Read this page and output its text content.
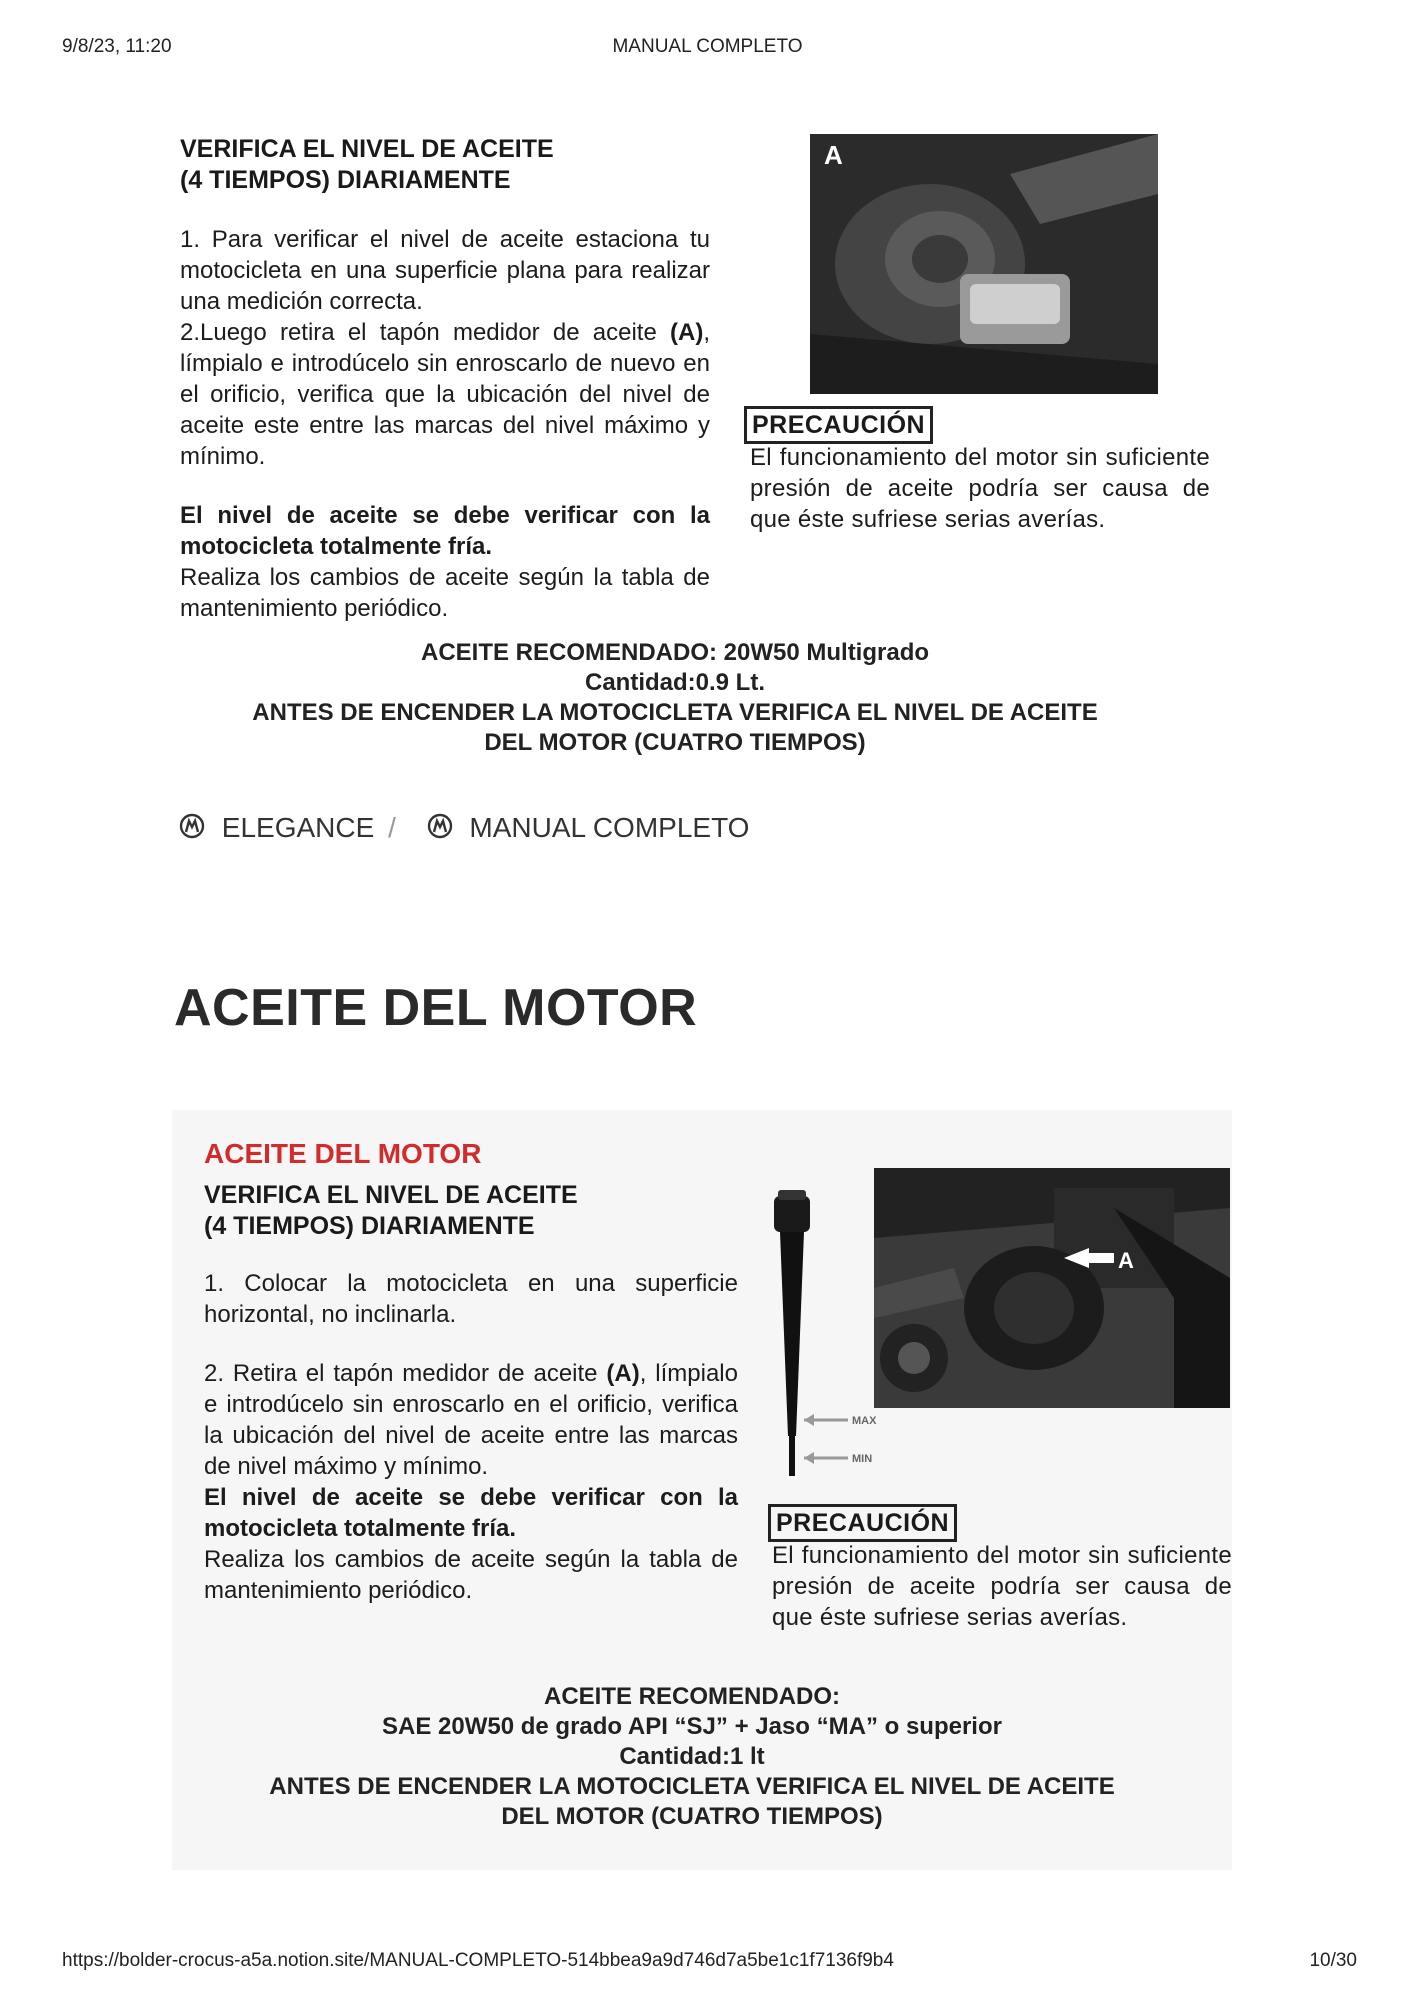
9/8/23, 11:20	MANUAL COMPLETO
VERIFICA EL NIVEL DE ACEITE
(4 TIEMPOS) DIARIAMENTE
1. Para verificar el nivel de aceite estaciona tu motocicleta en una superficie plana para realizar una medición correcta.
2.Luego retira el tapón medidor de aceite (A), límpialo e introdúcelo sin enroscarlo de nuevo en el orificio, verifica que la ubicación del nivel de aceite este entre las marcas del nivel máximo y mínimo.
El nivel de aceite se debe verificar con la motocicleta totalmente fría.
Realiza los cambios de aceite según la tabla de mantenimiento periódico.
A
PRECAUCIÓN
El funcionamiento del motor sin suficiente presión de aceite podría ser causa de que éste sufriese serias averías.
ACEITE RECOMENDADO: 20W50 Multigrado
Cantidad:0.9 Lt.
ANTES DE ENCENDER LA MOTOCICLETA VERIFICA EL NIVEL DE ACEITE
DEL MOTOR (CUATRO TIEMPOS)
ELEGANCE /	MANUAL COMPLETO
ACEITE DEL MOTOR
ACEITE DEL MOTOR
VERIFICA EL NIVEL DE ACEITE
(4 TIEMPOS) DIARIAMENTE
1. Colocar la motocicleta en una superficie horizontal, no inclinarla.
2. Retira el tapón medidor de aceite (A), límpialo e introdúcelo sin enroscarlo en el orificio, verifica la ubicación del nivel de aceite entre las marcas de nivel máximo y mínimo.
El nivel de aceite se debe verificar con la motocicleta totalmente fría.
Realiza los cambios de aceite según la tabla de mantenimiento periódico.
MAX
MIN
A
PRECAUCIÓN
El funcionamiento del motor sin suficiente presión de aceite podría ser causa de que éste sufriese serias averías.
ACEITE RECOMENDADO:
SAE 20W50 de grado API “SJ” + Jaso “MA” o superior
Cantidad:1 lt
ANTES DE ENCENDER LA MOTOCICLETA VERIFICA EL NIVEL DE ACEITE
DEL MOTOR (CUATRO TIEMPOS)
https://bolder-crocus-a5a.notion.site/MANUAL-COMPLETO-514bbea9a9d746d7a5be1c1f7136f9b4	10/30
